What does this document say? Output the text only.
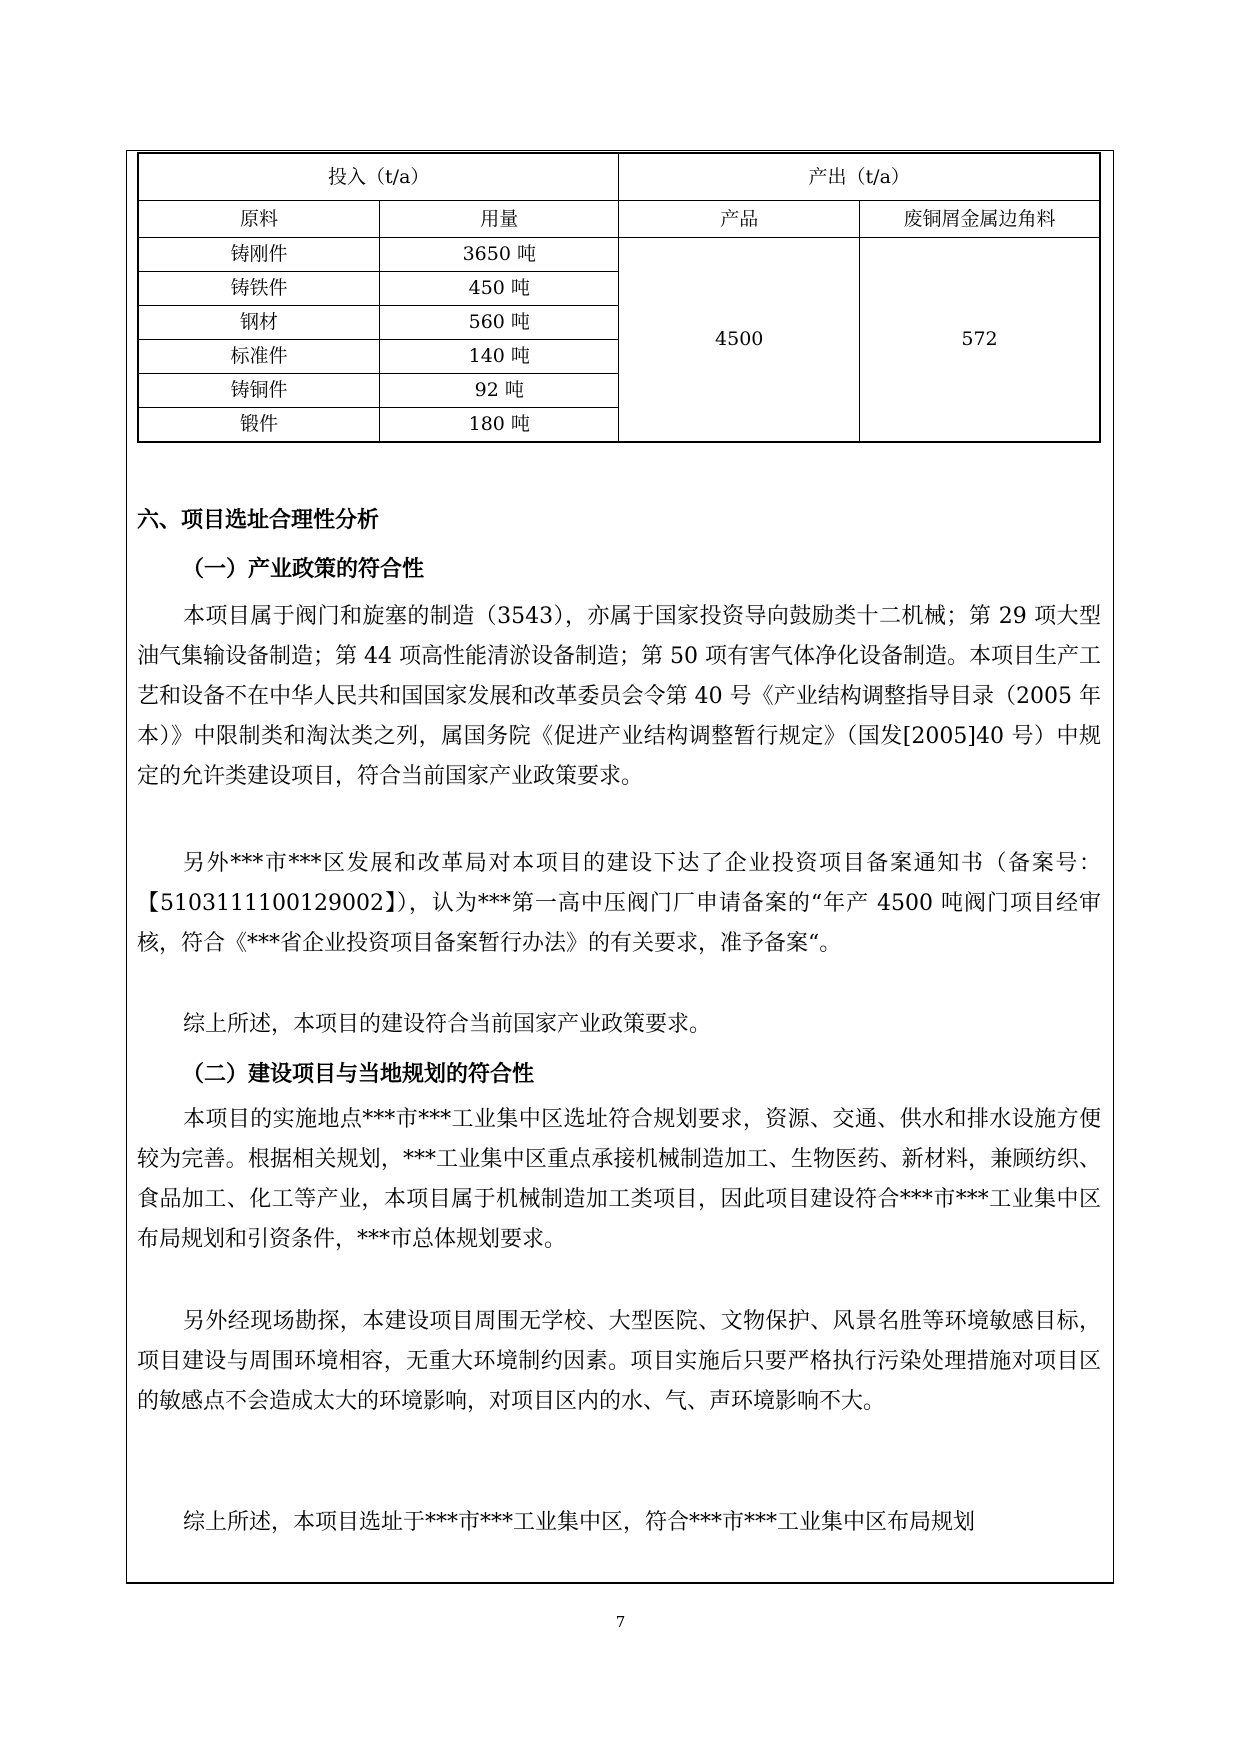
投入（t/a）		产出（t/a）	
原料	用量	产品	废铜屑金属边角料
铸刚件	3650 吨	4500	572
铸铁件	450 吨		
钢材	560 吨		
标准件	140 吨		
铸铜件	92 吨		
锻件	180 吨		
六、项目选址合理性分析
（一）产业政策的符合性

本项目属于阀门和旋塞的制造（3543），亦属于国家投资导向鼓励类十二机械；第 29 项大型油气集输设备制造；第 44 项高性能清淤设备制造；第 50 项有害气体净化设备制造。本项目生产工艺和设备不在中华人民共和国国家发展和改革委员会令第 40 号《产业结构调整指导目录（2005 年本）》中限制类和淘汰类之列，属国务院《促进产业结构调整暂行规定》（国发[2005]40 号）中规定的允许类建设项目，符合当前国家产业政策要求。

另外***市***区发展和改革局对本项目的建设下达了企业投资项目备案通知书（备案号：【5103111100129002】），认为***第一高中压阀门厂申请备案的“年产 4500 吨阀门项目经审核，符合《***省企业投资项目备案暂行办法》的有关要求，准予备案“。

综上所述，本项目的建设符合当前国家产业政策要求。

（二）建设项目与当地规划的符合性

本项目的实施地点***市***工业集中区选址符合规划要求，资源、交通、供水和排水设施方便较为完善。根据相关规划，***工业集中区重点承接机械制造加工、生物医药、新材料，兼顾纺织、食品加工、化工等产业，本项目属于机械制造加工类项目，因此项目建设符合***市***工业集中区布局规划和引资条件，***市总体规划要求。

另外经现场勘探，本建设项目周围无学校、大型医院、文物保护、风景名胜等环境敏感目标，项目建设与周围环境相容，无重大环境制约因素。项目实施后只要严格执行污染处理措施对项目区的敏感点不会造成太大的环境影响，对项目区内的水、气、声环境影响不大。

综上所述，本项目选址于***市***工业集中区，符合***市***工业集中区布局规划

7
